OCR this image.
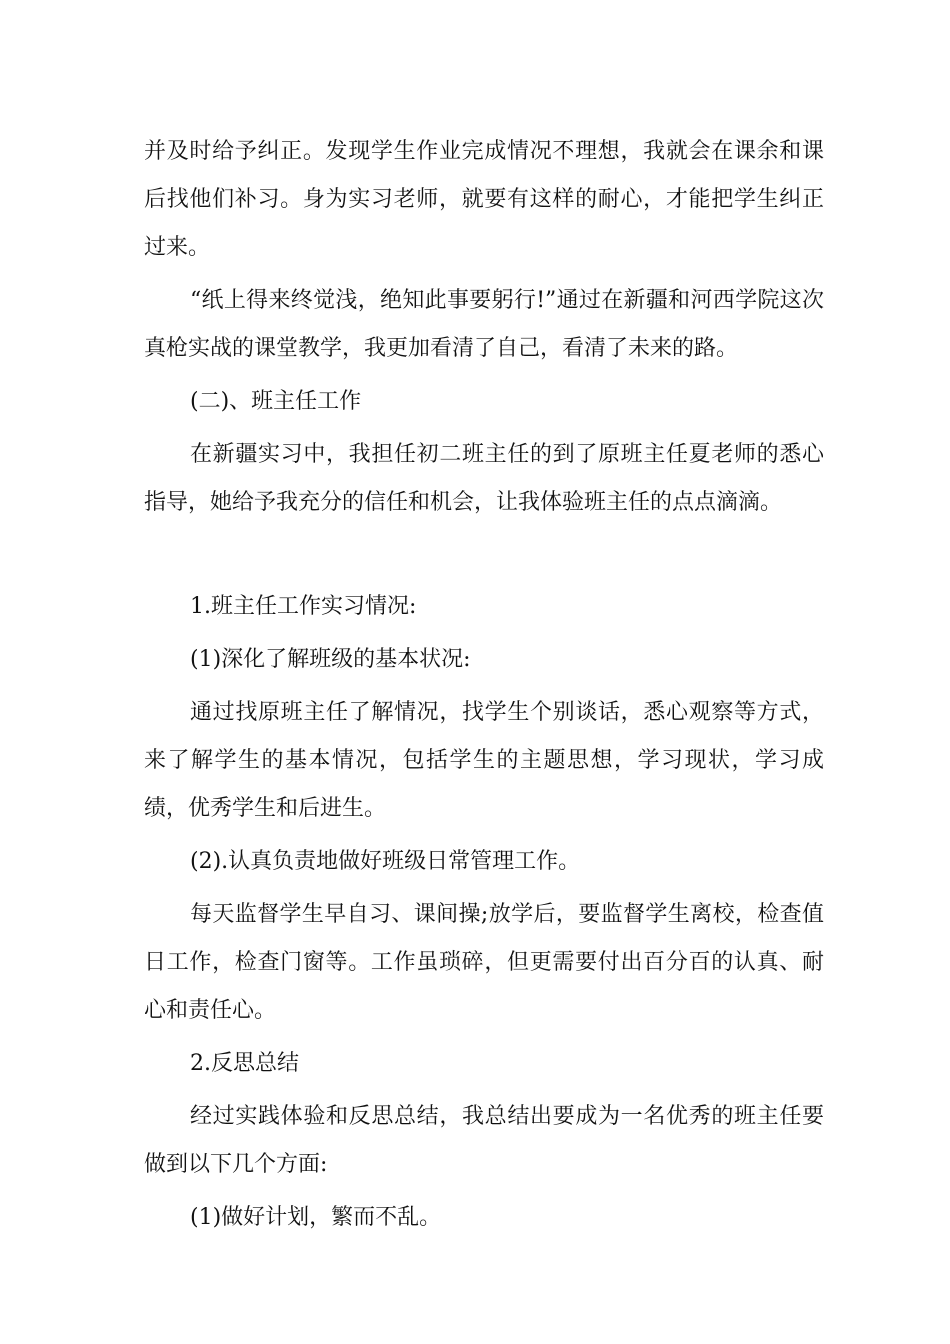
并及时给予纠正。发现学生作业完成情况不理想，我就会在课余和课后找他们补习。身为实习老师，就要有这样的耐心，才能把学生纠正过来。

“纸上得来终觉浅，绝知此事要躬行!”通过在新疆和河西学院这次真枪实战的课堂教学，我更加看清了自己，看清了未来的路。

(二)、班主任工作

在新疆实习中，我担任初二班主任的到了原班主任夏老师的悉心指导，她给予我充分的信任和机会，让我体验班主任的点点滴滴。

1.班主任工作实习情况:

(1)深化了解班级的基本状况:

通过找原班主任了解情况，找学生个别谈话，悉心观察等方式，来了解学生的基本情况，包括学生的主题思想，学习现状，学习成绩，优秀学生和后进生。

(2).认真负责地做好班级日常管理工作。

每天监督学生早自习、课间操;放学后，要监督学生离校，检查值日工作，检查门窗等。工作虽琐碎，但更需要付出百分百的认真、耐心和责任心。

2.反思总结

经过实践体验和反思总结，我总结出要成为一名优秀的班主任要做到以下几个方面:

(1)做好计划，繁而不乱。
